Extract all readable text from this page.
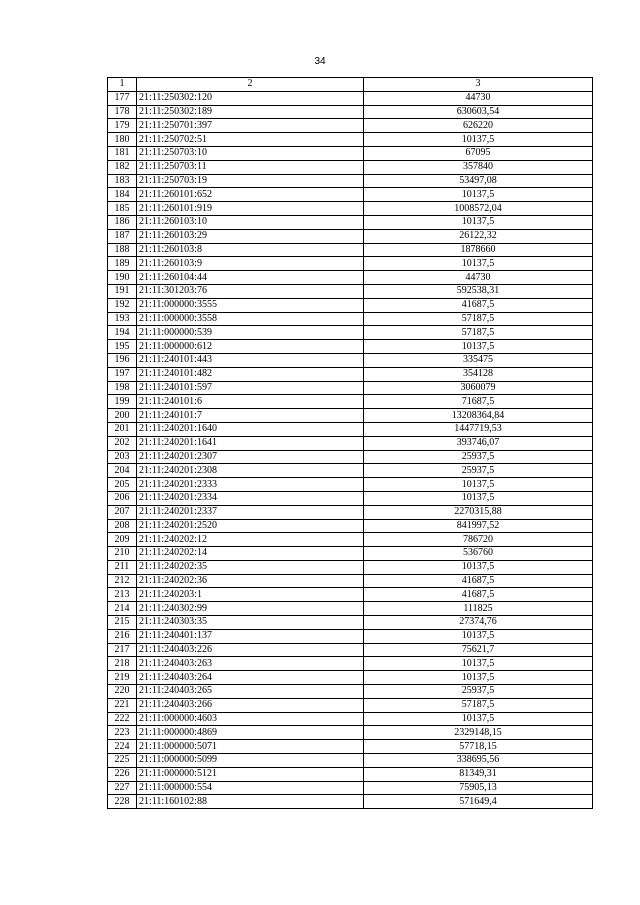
34
1	2	3
177	21:11:250302:120	44730
178	21:11:250302:189	630603,54
179	21:11:250701:397	626220
180	21:11:250702:51	10137,5
181	21:11:250703:10	67095
182	21:11:250703:11	357840
183	21:11:250703:19	53497,08
184	21:11:260101:652	10137,5
185	21:11:260101:919	1008572,04
186	21:11:260103:10	10137,5
187	21:11:260103:29	26122,32
188	21:11:260103:8	1878660
189	21:11:260103:9	10137,5
190	21:11:260104:44	44730
191	21:11:301203:76	592538,31
192	21:11:000000:3555	41687,5
193	21:11:000000:3558	57187,5
194	21:11:000000:539	57187,5
195	21:11:000000:612	10137,5
196	21:11:240101:443	335475
197	21:11:240101:482	354128
198	21:11:240101:597	3060079
199	21:11:240101:6	71687,5
200	21:11:240101:7	13208364,84
201	21:11:240201:1640	1447719,53
202	21:11:240201:1641	393746,07
203	21:11:240201:2307	25937,5
204	21:11:240201:2308	25937,5
205	21:11:240201:2333	10137,5
206	21:11:240201:2334	10137,5
207	21:11:240201:2337	2270315,88
208	21:11:240201:2520	841997,52
209	21:11:240202:12	786720
210	21:11:240202:14	536760
211	21:11:240202:35	10137,5
212	21:11:240202:36	41687,5
213	21:11:240203:1	41687,5
214	21:11:240302:99	111825
215	21:11:240303:35	27374,76
216	21:11:240401:137	10137,5
217	21:11:240403:226	75621,7
218	21:11:240403:263	10137,5
219	21:11:240403:264	10137,5
220	21:11:240403:265	25937,5
221	21:11:240403:266	57187,5
222	21:11:000000:4603	10137,5
223	21:11:000000:4869	2329148,15
224	21:11:000000:5071	57718,15
225	21:11:000000:5099	338695,56
226	21:11:000000:5121	81349,31
227	21:11:000000:554	75905,13
228	21:11:160102:88	571649,4
